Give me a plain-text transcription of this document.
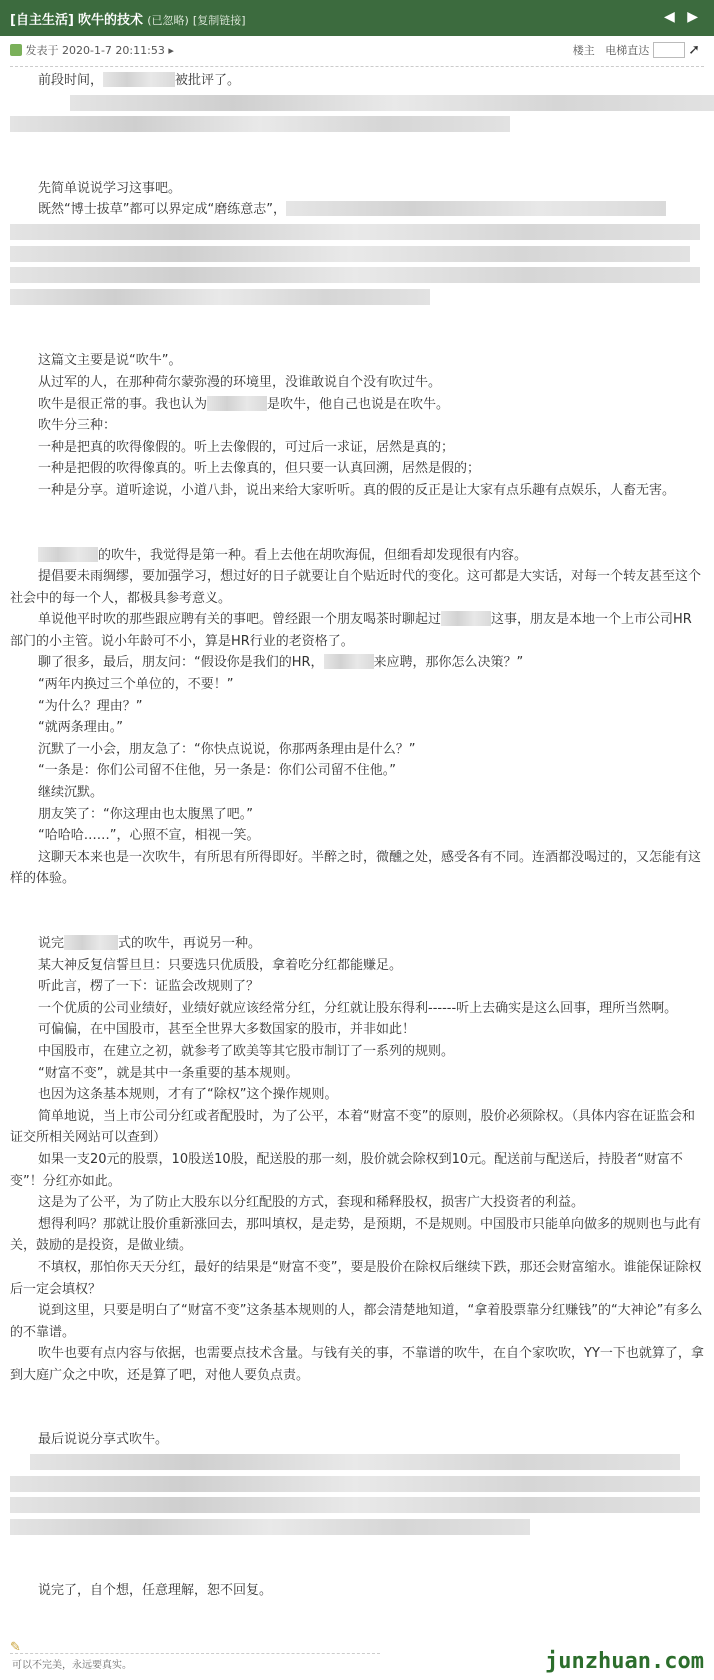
[自主生活] 吹牛的技术 (已忽略) [复制链接]	◀ ▶
发表于 2020-1-7 20:11:53 ▸	楼主 电梯直达	➚

前段时间，	被批评了。

先简单说说学习这事吧。

既然“博士拔草”都可以界定成“磨练意志”，

这篇文主要是说“吹牛”。

从过军的人，在那种荷尔蒙弥漫的环境里，没谁敢说自个没有吹过牛。

吹牛是很正常的事。我也认为	是吹牛，他自己也说是在吹牛。

吹牛分三种：

一种是把真的吹得像假的。听上去像假的，可过后一求证，居然是真的；

一种是把假的吹得像真的。听上去像真的，但只要一认真回溯，居然是假的；

一种是分享。道听途说，小道八卦，说出来给大家听听。真的假的反正是让大家有点乐趣有点娱乐，人畜无害。

的吹牛，我觉得是第一种。看上去他在胡吹海侃，但细看却发现很有内容。

提倡要未雨绸缪，要加强学习，想过好的日子就要让自个贴近时代的变化。这可都是大实话，对每一个转友甚至这个社会中的每一个人，都极具参考意义。

单说他平时吹的那些跟应聘有关的事吧。曾经跟一个朋友喝茶时聊起过	这事，朋友是本地一个上市公司HR部门的小主管。说小年龄可不小，算是HR行业的老资格了。

聊了很多，最后，朋友问：“假设你是我们的HR，	来应聘，那你怎么决策？”

“两年内换过三个单位的，不要！”

“为什么？理由？”

“就两条理由。”

沉默了一小会，朋友急了：“你快点说说，你那两条理由是什么？”

“一条是：你们公司留不住他，另一条是：你们公司留不住他。”

继续沉默。

朋友笑了：“你这理由也太腹黑了吧。”

“哈哈哈……”，心照不宣，相视一笑。

这聊天本来也是一次吹牛，有所思有所得即好。半醉之时，微醺之处，感受各有不同。连酒都没喝过的，又怎能有这样的体验。

说完	式的吹牛，再说另一种。

某大神反复信誓旦旦：只要选只优质股，拿着吃分红都能赚足。

听此言，楞了一下：证监会改规则了？

一个优质的公司业绩好，业绩好就应该经常分红，分红就让股东得利------听上去确实是这么回事，理所当然啊。

可偏偏，在中国股市，甚至全世界大多数国家的股市，并非如此！

中国股市，在建立之初，就参考了欧美等其它股市制订了一系列的规则。

“财富不变”，就是其中一条重要的基本规则。

也因为这条基本规则，才有了“除权”这个操作规则。

简单地说，当上市公司分红或者配股时，为了公平，本着“财富不变”的原则，股价必须除权。（具体内容在证监会和证交所相关网站可以查到）

如果一支20元的股票，10股送10股，配送股的那一刻，股价就会除权到10元。配送前与配送后，持股者“财富不变”！分红亦如此。

这是为了公平，为了防止大股东以分红配股的方式，套现和稀释股权，损害广大投资者的利益。

想得利吗？那就让股价重新涨回去，那叫填权，是走势，是预期，不是规则。中国股市只能单向做多的规则也与此有关，鼓励的是投资，是做业绩。

不填权，那怕你天天分红，最好的结果是“财富不变”，要是股价在除权后继续下跌，那还会财富缩水。谁能保证除权后一定会填权？

说到这里，只要是明白了“财富不变”这条基本规则的人，都会清楚地知道，“拿着股票靠分红赚钱”的“大神论”有多么的不靠谱。

吹牛也要有点内容与依据，也需要点技术含量。与钱有关的事，不靠谱的吹牛，在自个家吹吹，YY一下也就算了，拿到大庭广众之中吹，还是算了吧，对他人要负点责。

最后说说分享式吹牛。

说完了，自个想，任意理解，恕不回复。

✎
可以不完美，永远要真实。	junzhuan.com
